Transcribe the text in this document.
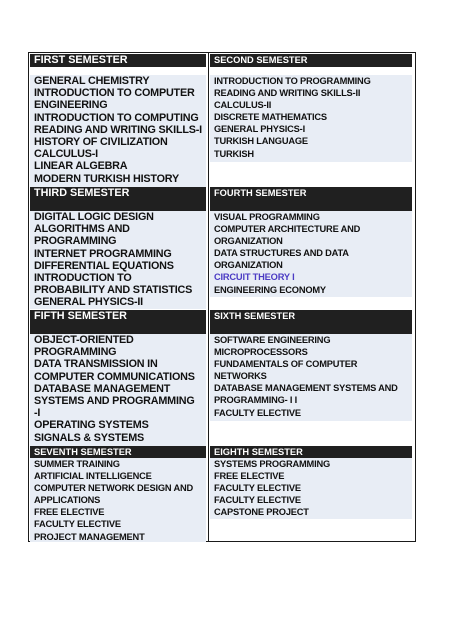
FIRST SEMESTER
GENERAL CHEMISTRY
INTRODUCTION TO COMPUTER
ENGINEERING
INTRODUCTION TO COMPUTING
READING AND WRITING SKILLS-I
HISTORY OF CIVILIZATION
CALCULUS-I
LINEAR ALGEBRA
MODERN TURKISH HISTORY
SECOND SEMESTER
INTRODUCTION TO PROGRAMMING
READING AND WRITING SKILLS-II
CALCULUS-II
DISCRETE MATHEMATICS
GENERAL PHYSICS-I
TURKISH LANGUAGE
TURKISH
THIRD SEMESTER
DIGITAL LOGIC DESIGN
ALGORITHMS AND
PROGRAMMING
INTERNET PROGRAMMING
DIFFERENTIAL EQUATIONS
INTRODUCTION TO
PROBABILITY AND STATISTICS
GENERAL PHYSICS-II
FOURTH SEMESTER
VISUAL PROGRAMMING
COMPUTER ARCHITECTURE AND
ORGANIZATION
DATA STRUCTURES AND DATA
ORGANIZATION
CIRCUIT THEORY I
ENGINEERING ECONOMY
FIFTH SEMESTER
OBJECT-ORIENTED
PROGRAMMING
DATA TRANSMISSION IN
COMPUTER COMMUNICATIONS
DATABASE MANAGEMENT
SYSTEMS AND PROGRAMMING
-I
OPERATING SYSTEMS
SIGNALS & SYSTEMS
SIXTH SEMESTER
SOFTWARE ENGINEERING
MICROPROCESSORS
FUNDAMENTALS OF COMPUTER
NETWORKS
DATABASE MANAGEMENT SYSTEMS AND
PROGRAMMING- I I
FACULTY ELECTIVE
SEVENTH SEMESTER
SUMMER TRAINING
ARTIFICIAL INTELLIGENCE
COMPUTER NETWORK DESIGN AND
APPLICATIONS
FREE ELECTIVE
FACULTY ELECTIVE
PROJECT MANAGEMENT
EIGHTH SEMESTER
SYSTEMS PROGRAMMING
FREE ELECTIVE
FACULTY ELECTIVE
FACULTY ELECTIVE
CAPSTONE PROJECT
